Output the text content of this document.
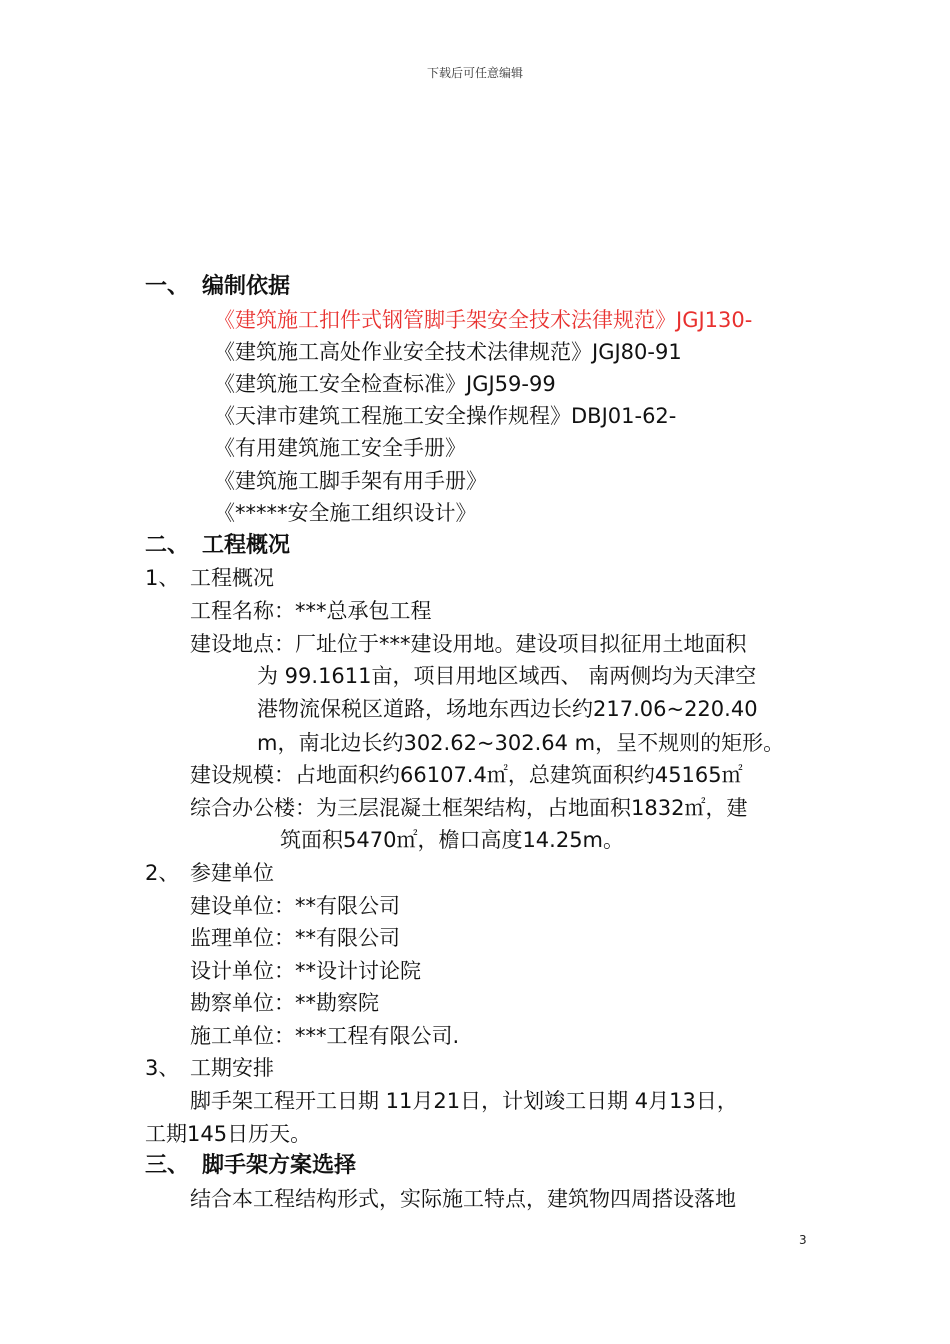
下载后可任意编辑
一、 编制依据
《建筑施工扣件式钢管脚手架安全技术法律规范》JGJ130-
《建筑施工高处作业安全技术法律规范》JGJ80-91
《建筑施工安全检查标准》JGJ59-99
《天津市建筑工程施工安全操作规程》DBJ01-62-
《有用建筑施工安全手册》
《建筑施工脚手架有用手册》
《*****安全施工组织设计》
二、 工程概况
1、 工程概况
工程名称：***总承包工程
建设地点：厂址位于***建设用地。建设项目拟征用土地面积
为 99.1611亩，项目用地区域西、 南两侧均为天津空
港物流保税区道路，场地东西边长约217.06~220.40
m，南北边长约302.62~302.64 m，呈不规则的矩形。
建设规模：占地面积约66107.4㎡，总建筑面积约45165㎡
综合办公楼：为三层混凝土框架结构，占地面积1832㎡，建
筑面积5470㎡，檐口高度14.25m。
2、 参建单位
建设单位：**有限公司
监理单位：**有限公司
设计单位：**设计讨论院
勘察单位：**勘察院
施工单位：***工程有限公司.
3、 工期安排
脚手架工程开工日期 11月21日，计划竣工日期 4月13日，
工期145日历天。
三、 脚手架方案选择
结合本工程结构形式，实际施工特点，建筑物四周搭设落地
3
